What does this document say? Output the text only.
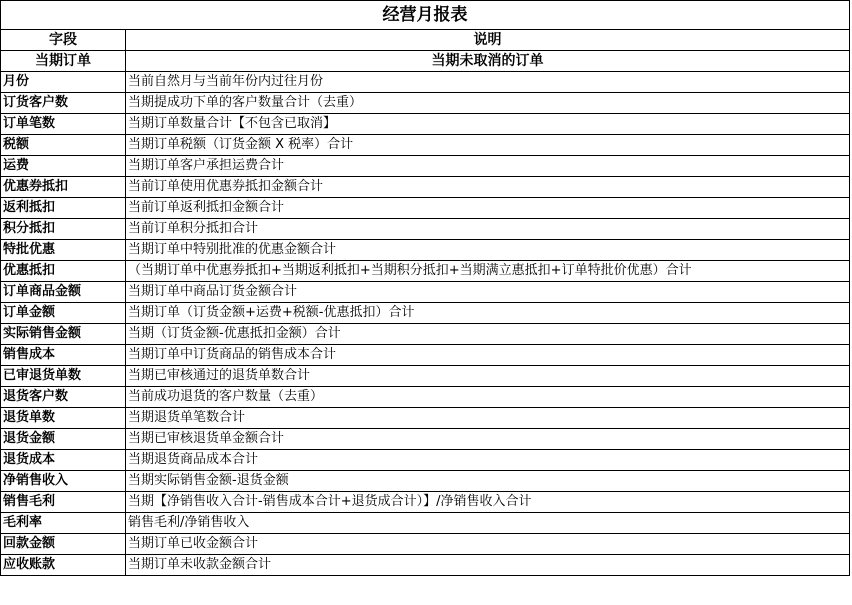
经营月报表	
字段	说明
当期订单	当期未取消的订单
月份	当前自然月与当前年份内过往月份
订货客户数	当期提成功下单的客户数量合计（去重）
订单笔数	当期订单数量合计【不包含已取消】
税额	当期订单税额（订货金额 X 税率）合计
运费	当期订单客户承担运费合计
优惠券抵扣	当前订单使用优惠券抵扣金额合计
返利抵扣	当前订单返利抵扣金额合计
积分抵扣	当前订单积分抵扣合计
特批优惠	当期订单中特别批准的优惠金额合计
优惠抵扣	（当期订单中优惠券抵扣+当期返利抵扣+当期积分抵扣+当期满立惠抵扣+订单特批价优惠）合计
订单商品金额	当期订单中商品订货金额合计
订单金额	当期订单（订货金额+运费+税额-优惠抵扣）合计
实际销售金额	当期（订货金额-优惠抵扣金额）合计
销售成本	当期订单中订货商品的销售成本合计
已审退货单数	当期已审核通过的退货单数合计
退货客户数	当前成功退货的客户数量（去重）
退货单数	当期退货单笔数合计
退货金额	当期已审核退货单金额合计
退货成本	当期退货商品成本合计
净销售收入	当期实际销售金额-退货金额
销售毛利	当期【净销售收入合计-销售成本合计+退货成合计）】/净销售收入合计
毛利率	销售毛利/净销售收入
回款金额	当期订单已收金额合计
应收账款	当期订单未收款金额合计
